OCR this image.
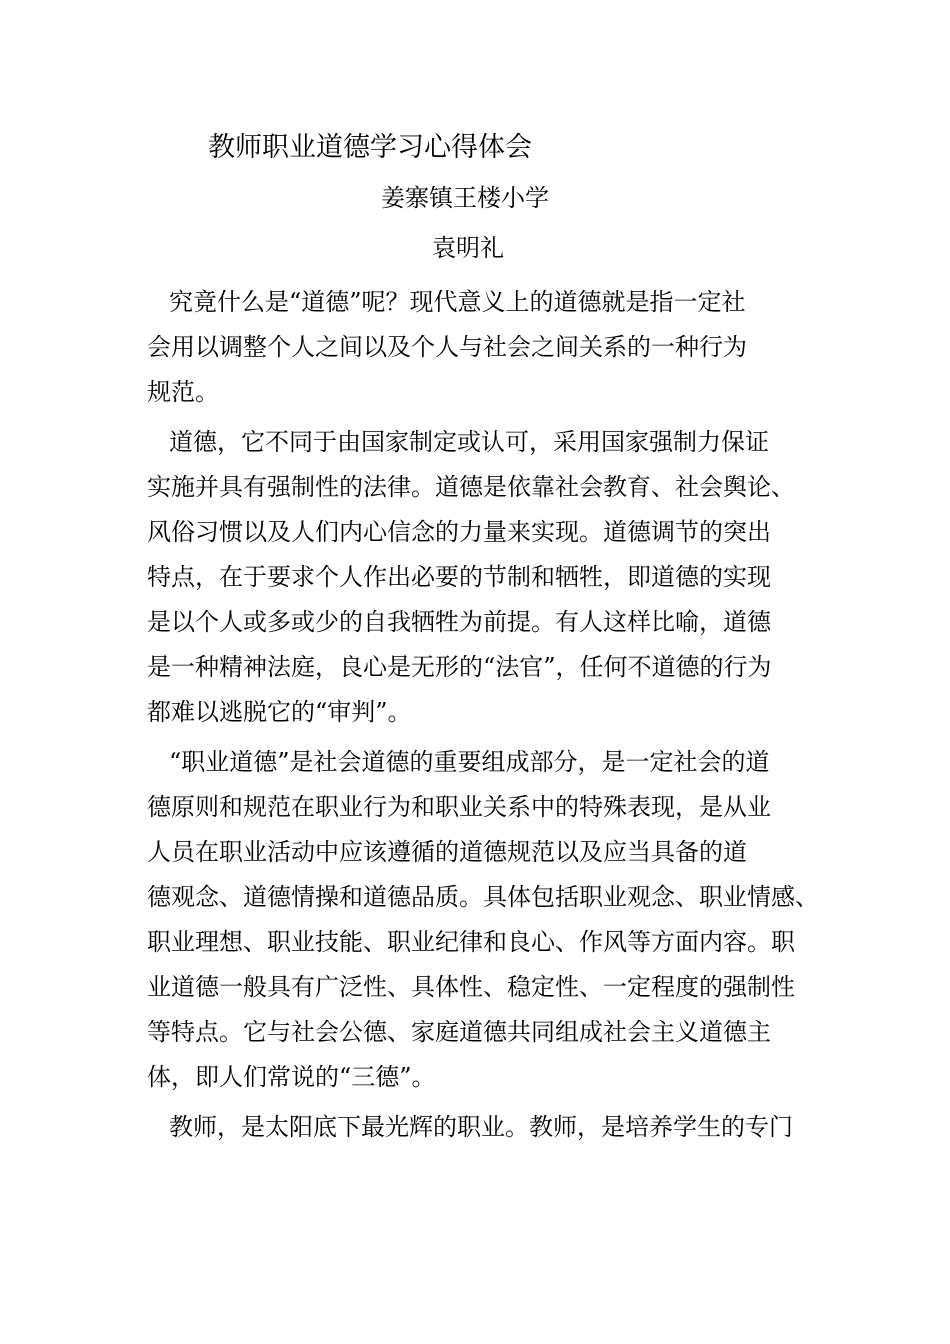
教师职业道德学习心得体会
姜寨镇王楼小学
袁明礼
究竟什么是“道德”呢？现代意义上的道德就是指一定社
会用以调整个人之间以及个人与社会之间关系的一种行为
规范。
道德，它不同于由国家制定或认可，采用国家强制力保证
实施并具有强制性的法律。道德是依靠社会教育、社会舆论、
风俗习惯以及人们内心信念的力量来实现。道德调节的突出
特点，在于要求个人作出必要的节制和牺牲，即道德的实现
是以个人或多或少的自我牺牲为前提。有人这样比喻，道德
是一种精神法庭，良心是无形的“法官”，任何不道德的行为
都难以逃脱它的“审判”。
“职业道德”是社会道德的重要组成部分，是一定社会的道
德原则和规范在职业行为和职业关系中的特殊表现，是从业
人员在职业活动中应该遵循的道德规范以及应当具备的道
德观念、道德情操和道德品质。具体包括职业观念、职业情感、
职业理想、职业技能、职业纪律和良心、作风等方面内容。职
业道德一般具有广泛性、具体性、稳定性、一定程度的强制性
等特点。它与社会公德、家庭道德共同组成社会主义道德主
体，即人们常说的“三德”。
教师，是太阳底下最光辉的职业。教师，是培养学生的专门
